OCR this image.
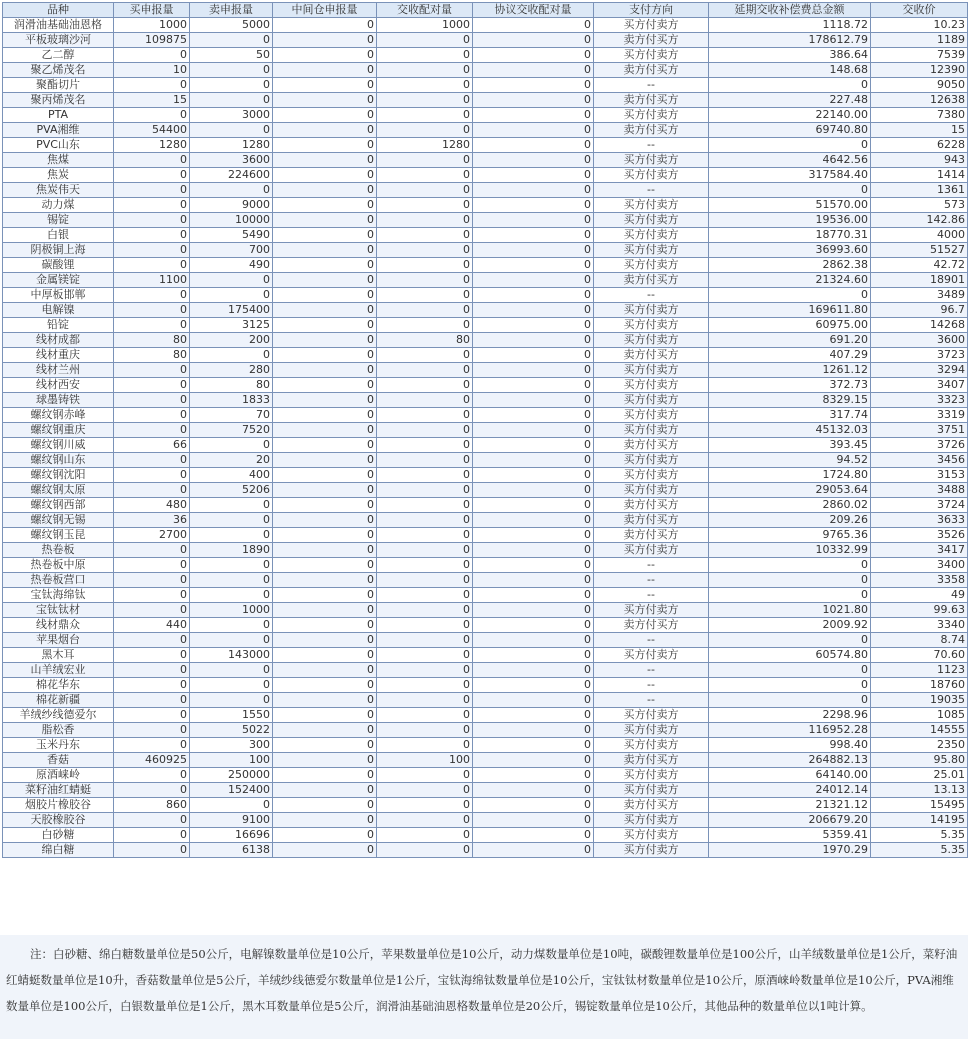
品种	买申报量	卖申报量	中间仓申报量	交收配对量	协议交收配对量	支付方向	延期交收补偿费总金额	交收价
润滑油基础油恩格	1000	5000	0	1000	0	买方付卖方	1118.72	10.23
平板玻璃沙河	109875	0	0	0	0	卖方付买方	178612.79	1189
乙二醇	0	50	0	0	0	买方付卖方	386.64	7539
聚乙烯茂名	10	0	0	0	0	卖方付买方	148.68	12390
聚酯切片	0	0	0	0	0	--	0	9050
聚丙烯茂名	15	0	0	0	0	卖方付买方	227.48	12638
PTA	0	3000	0	0	0	买方付卖方	22140.00	7380
PVA湘维	54400	0	0	0	0	卖方付买方	69740.80	15
PVC山东	1280	1280	0	1280	0	--	0	6228
焦煤	0	3600	0	0	0	买方付卖方	4642.56	943
焦炭	0	224600	0	0	0	买方付卖方	317584.40	1414
焦炭伟天	0	0	0	0	0	--	0	1361
动力煤	0	9000	0	0	0	买方付卖方	51570.00	573
锡锭	0	10000	0	0	0	买方付卖方	19536.00	142.86
白银	0	5490	0	0	0	买方付卖方	18770.31	4000
阴极铜上海	0	700	0	0	0	买方付卖方	36993.60	51527
碳酸锂	0	490	0	0	0	买方付卖方	2862.38	42.72
金属镁锭	1100	0	0	0	0	卖方付买方	21324.60	18901
中厚板邯郸	0	0	0	0	0	--	0	3489
电解镍	0	175400	0	0	0	买方付卖方	169611.80	96.7
铅锭	0	3125	0	0	0	买方付卖方	60975.00	14268
线材成都	80	200	0	80	0	买方付卖方	691.20	3600
线材重庆	80	0	0	0	0	卖方付买方	407.29	3723
线材兰州	0	280	0	0	0	买方付卖方	1261.12	3294
线材西安	0	80	0	0	0	买方付卖方	372.73	3407
球墨铸铁	0	1833	0	0	0	买方付卖方	8329.15	3323
螺纹钢赤峰	0	70	0	0	0	买方付卖方	317.74	3319
螺纹钢重庆	0	7520	0	0	0	买方付卖方	45132.03	3751
螺纹钢川威	66	0	0	0	0	卖方付买方	393.45	3726
螺纹钢山东	0	20	0	0	0	买方付卖方	94.52	3456
螺纹钢沈阳	0	400	0	0	0	买方付卖方	1724.80	3153
螺纹钢太原	0	5206	0	0	0	买方付卖方	29053.64	3488
螺纹钢西部	480	0	0	0	0	卖方付买方	2860.02	3724
螺纹钢无锡	36	0	0	0	0	卖方付买方	209.26	3633
螺纹钢玉昆	2700	0	0	0	0	卖方付买方	9765.36	3526
热卷板	0	1890	0	0	0	买方付卖方	10332.99	3417
热卷板中原	0	0	0	0	0	--	0	3400
热卷板营口	0	0	0	0	0	--	0	3358
宝钛海绵钛	0	0	0	0	0	--	0	49
宝钛钛材	0	1000	0	0	0	买方付卖方	1021.80	99.63
线材鼎众	440	0	0	0	0	卖方付买方	2009.92	3340
苹果烟台	0	0	0	0	0	--	0	8.74
黑木耳	0	143000	0	0	0	买方付卖方	60574.80	70.60
山羊绒宏业	0	0	0	0	0	--	0	1123
棉花华东	0	0	0	0	0	--	0	18760
棉花新疆	0	0	0	0	0	--	0	19035
羊绒纱线德爱尔	0	1550	0	0	0	买方付卖方	2298.96	1085
脂松香	0	5022	0	0	0	买方付卖方	116952.28	14555
玉米丹东	0	300	0	0	0	买方付卖方	998.40	2350
香菇	460925	100	0	100	0	卖方付买方	264882.13	95.80
原酒崃岭	0	250000	0	0	0	买方付卖方	64140.00	25.01
菜籽油红蜻蜓	0	152400	0	0	0	买方付卖方	24012.14	13.13
烟胶片橡胶谷	860	0	0	0	0	卖方付买方	21321.12	15495
天胶橡胶谷	0	9100	0	0	0	买方付卖方	206679.20	14195
白砂糖	0	16696	0	0	0	买方付卖方	5359.41	5.35
绵白糖	0	6138	0	0	0	买方付卖方	1970.29	5.35

注：白砂糖、绵白糖数量单位是50公斤，电解镍数量单位是10公斤，苹果数量单位是10公斤，动力煤数量单位是10吨，碳酸锂数量单位是100公斤，山羊绒数量单位是1公斤，菜籽油红蜻蜓数量单位是10升，香菇数量单位是5公斤，羊绒纱线德爱尔数量单位是1公斤，宝钛海绵钛数量单位是10公斤，宝钛钛材数量单位是10公斤，原酒崃岭数量单位是10公斤，PVA湘维数量单位是100公斤，白银数量单位是1公斤，黑木耳数量单位是5公斤，润滑油基础油恩格数量单位是20公斤，锡锭数量单位是10公斤，其他品种的数量单位以1吨计算。
